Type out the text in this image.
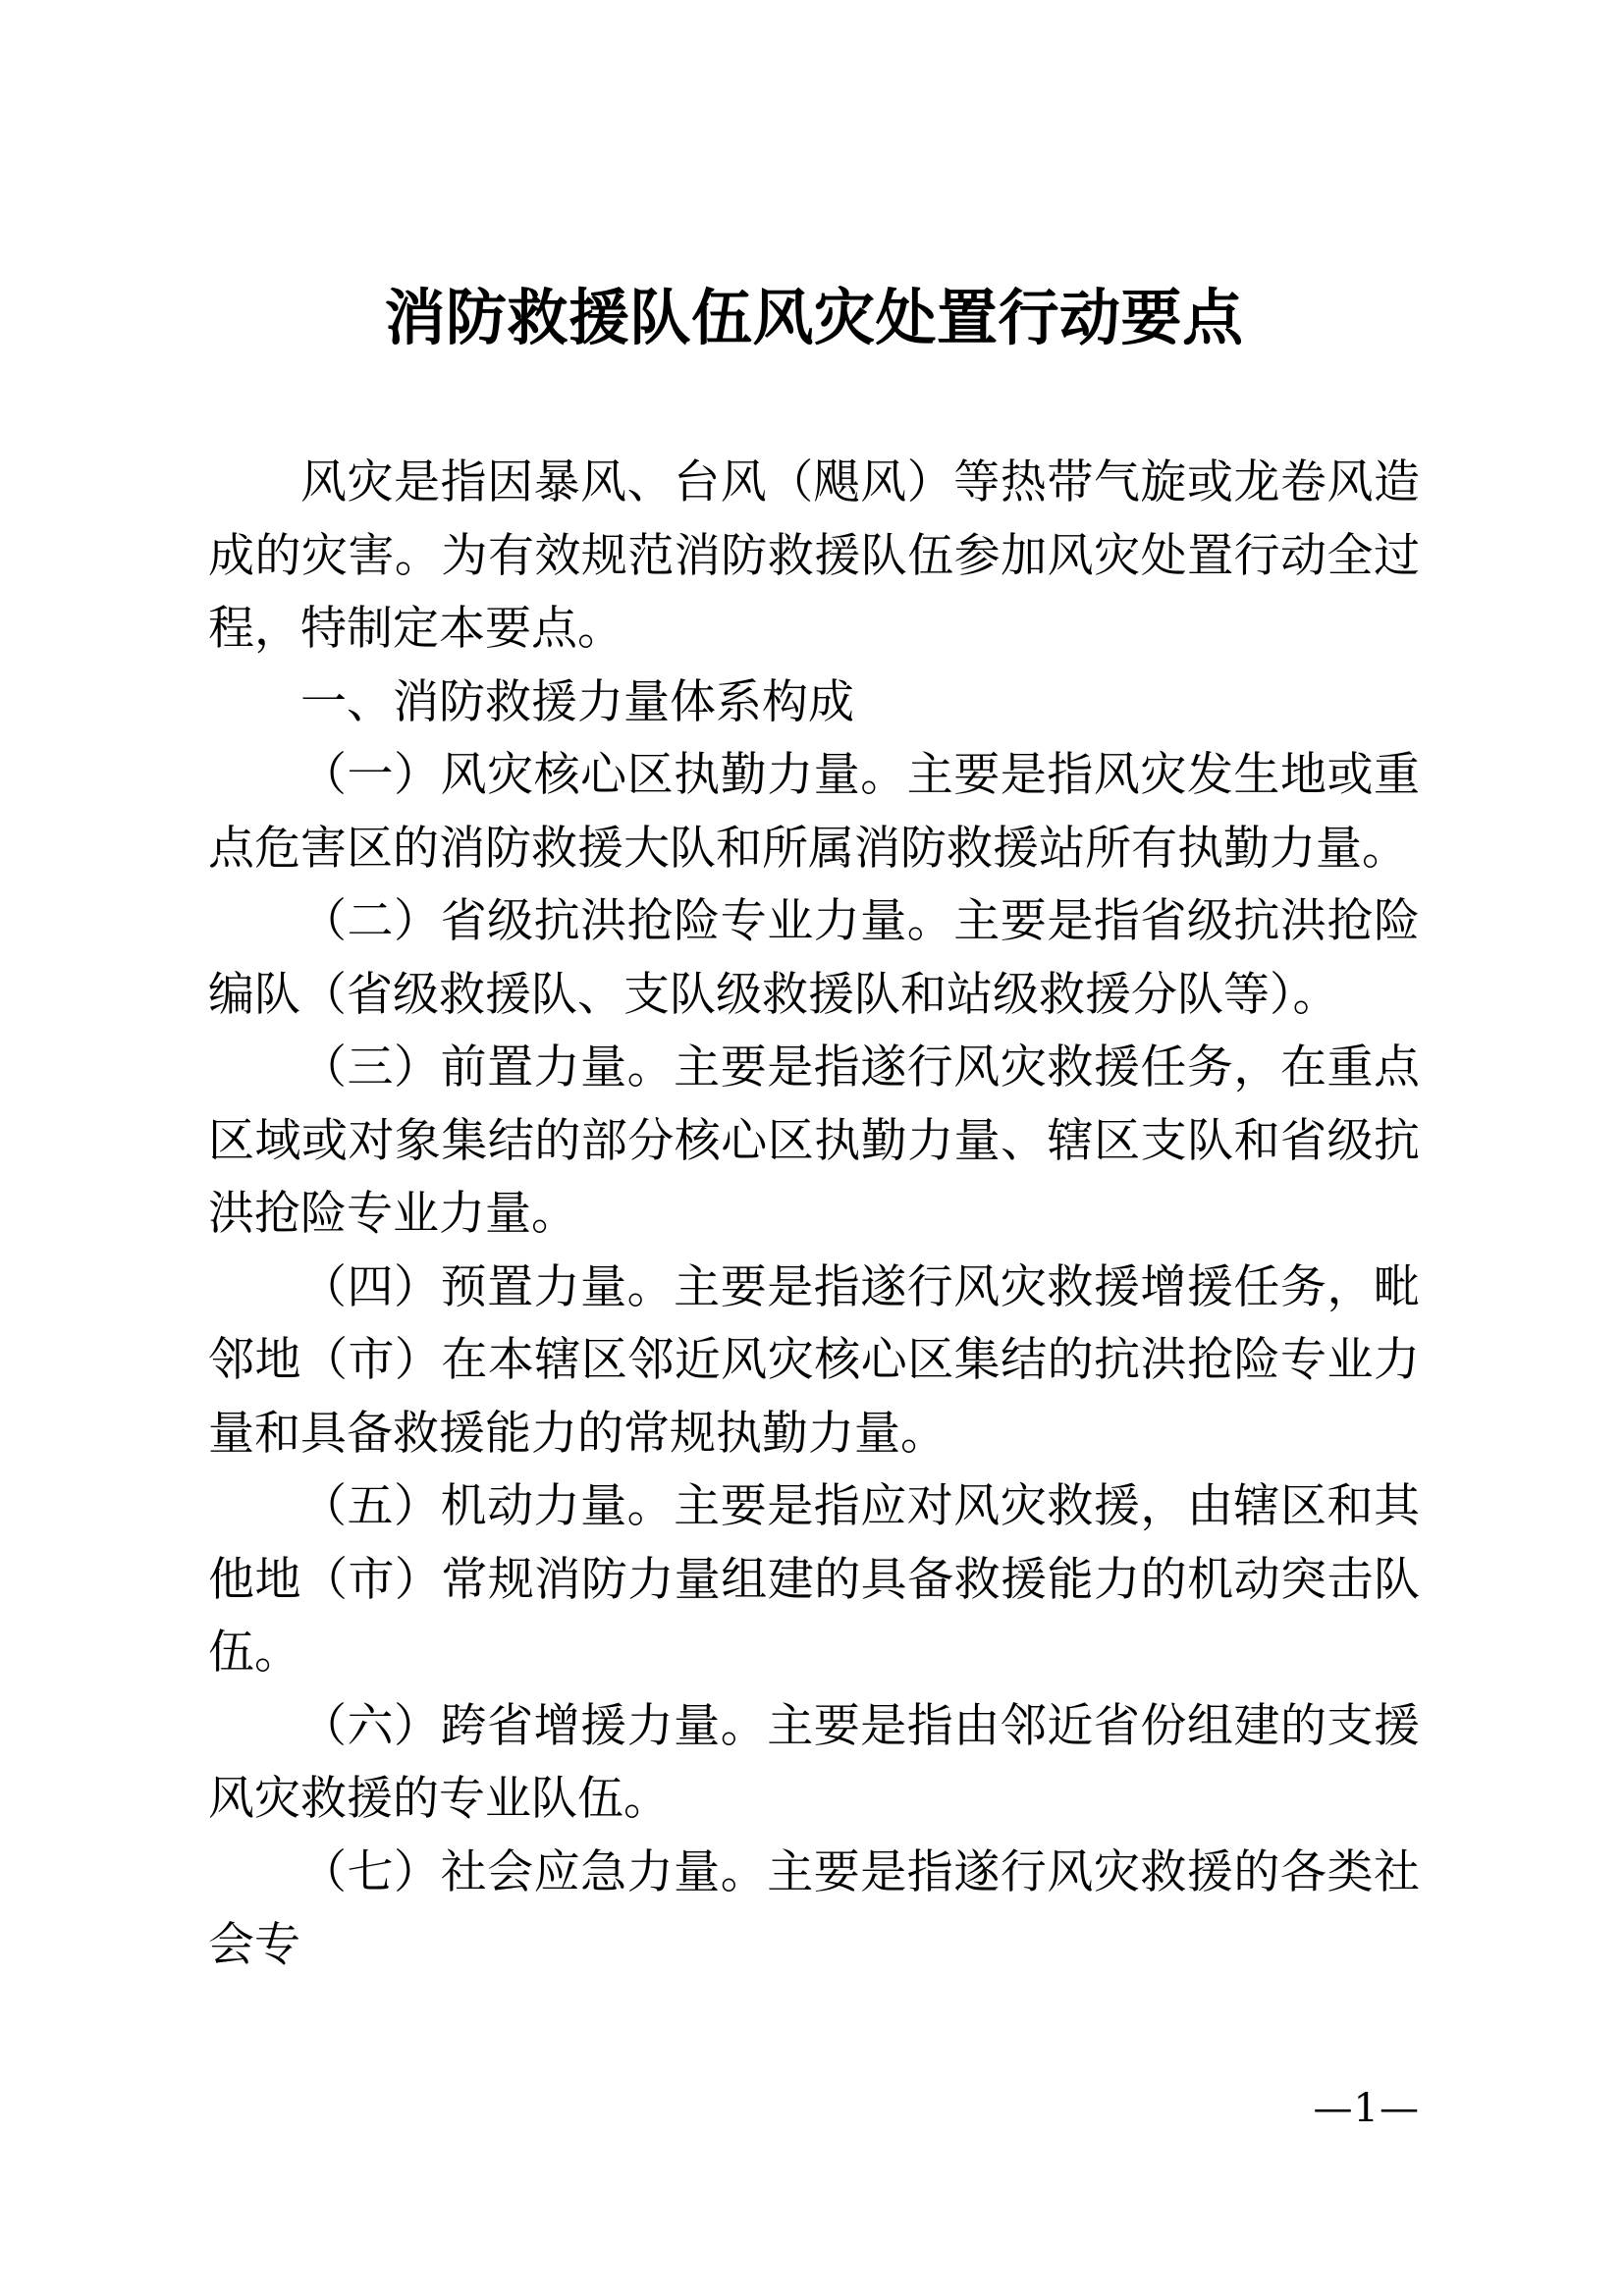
消防救援队伍风灾处置行动要点

风灾是指因暴风、台风（飓风）等热带气旋或龙卷风造成的灾害。为有效规范消防救援队伍参加风灾处置行动全过程，特制定本要点。

一、消防救援力量体系构成

（一）风灾核心区执勤力量。主要是指风灾发生地或重点危害区的消防救援大队和所属消防救援站所有执勤力量。

（二）省级抗洪抢险专业力量。主要是指省级抗洪抢险编队（省级救援队、支队级救援队和站级救援分队等）。

（三）前置力量。主要是指遂行风灾救援任务，在重点区域或对象集结的部分核心区执勤力量、辖区支队和省级抗洪抢险专业力量。

（四）预置力量。主要是指遂行风灾救援增援任务，毗邻地（市）在本辖区邻近风灾核心区集结的抗洪抢险专业力量和具备救援能力的常规执勤力量。

（五）机动力量。主要是指应对风灾救援，由辖区和其他地（市）常规消防力量组建的具备救援能力的机动突击队伍。

（六）跨省增援力量。主要是指由邻近省份组建的支援风灾救援的专业队伍。

（七）社会应急力量。主要是指遂行风灾救援的各类社会专

—1—
